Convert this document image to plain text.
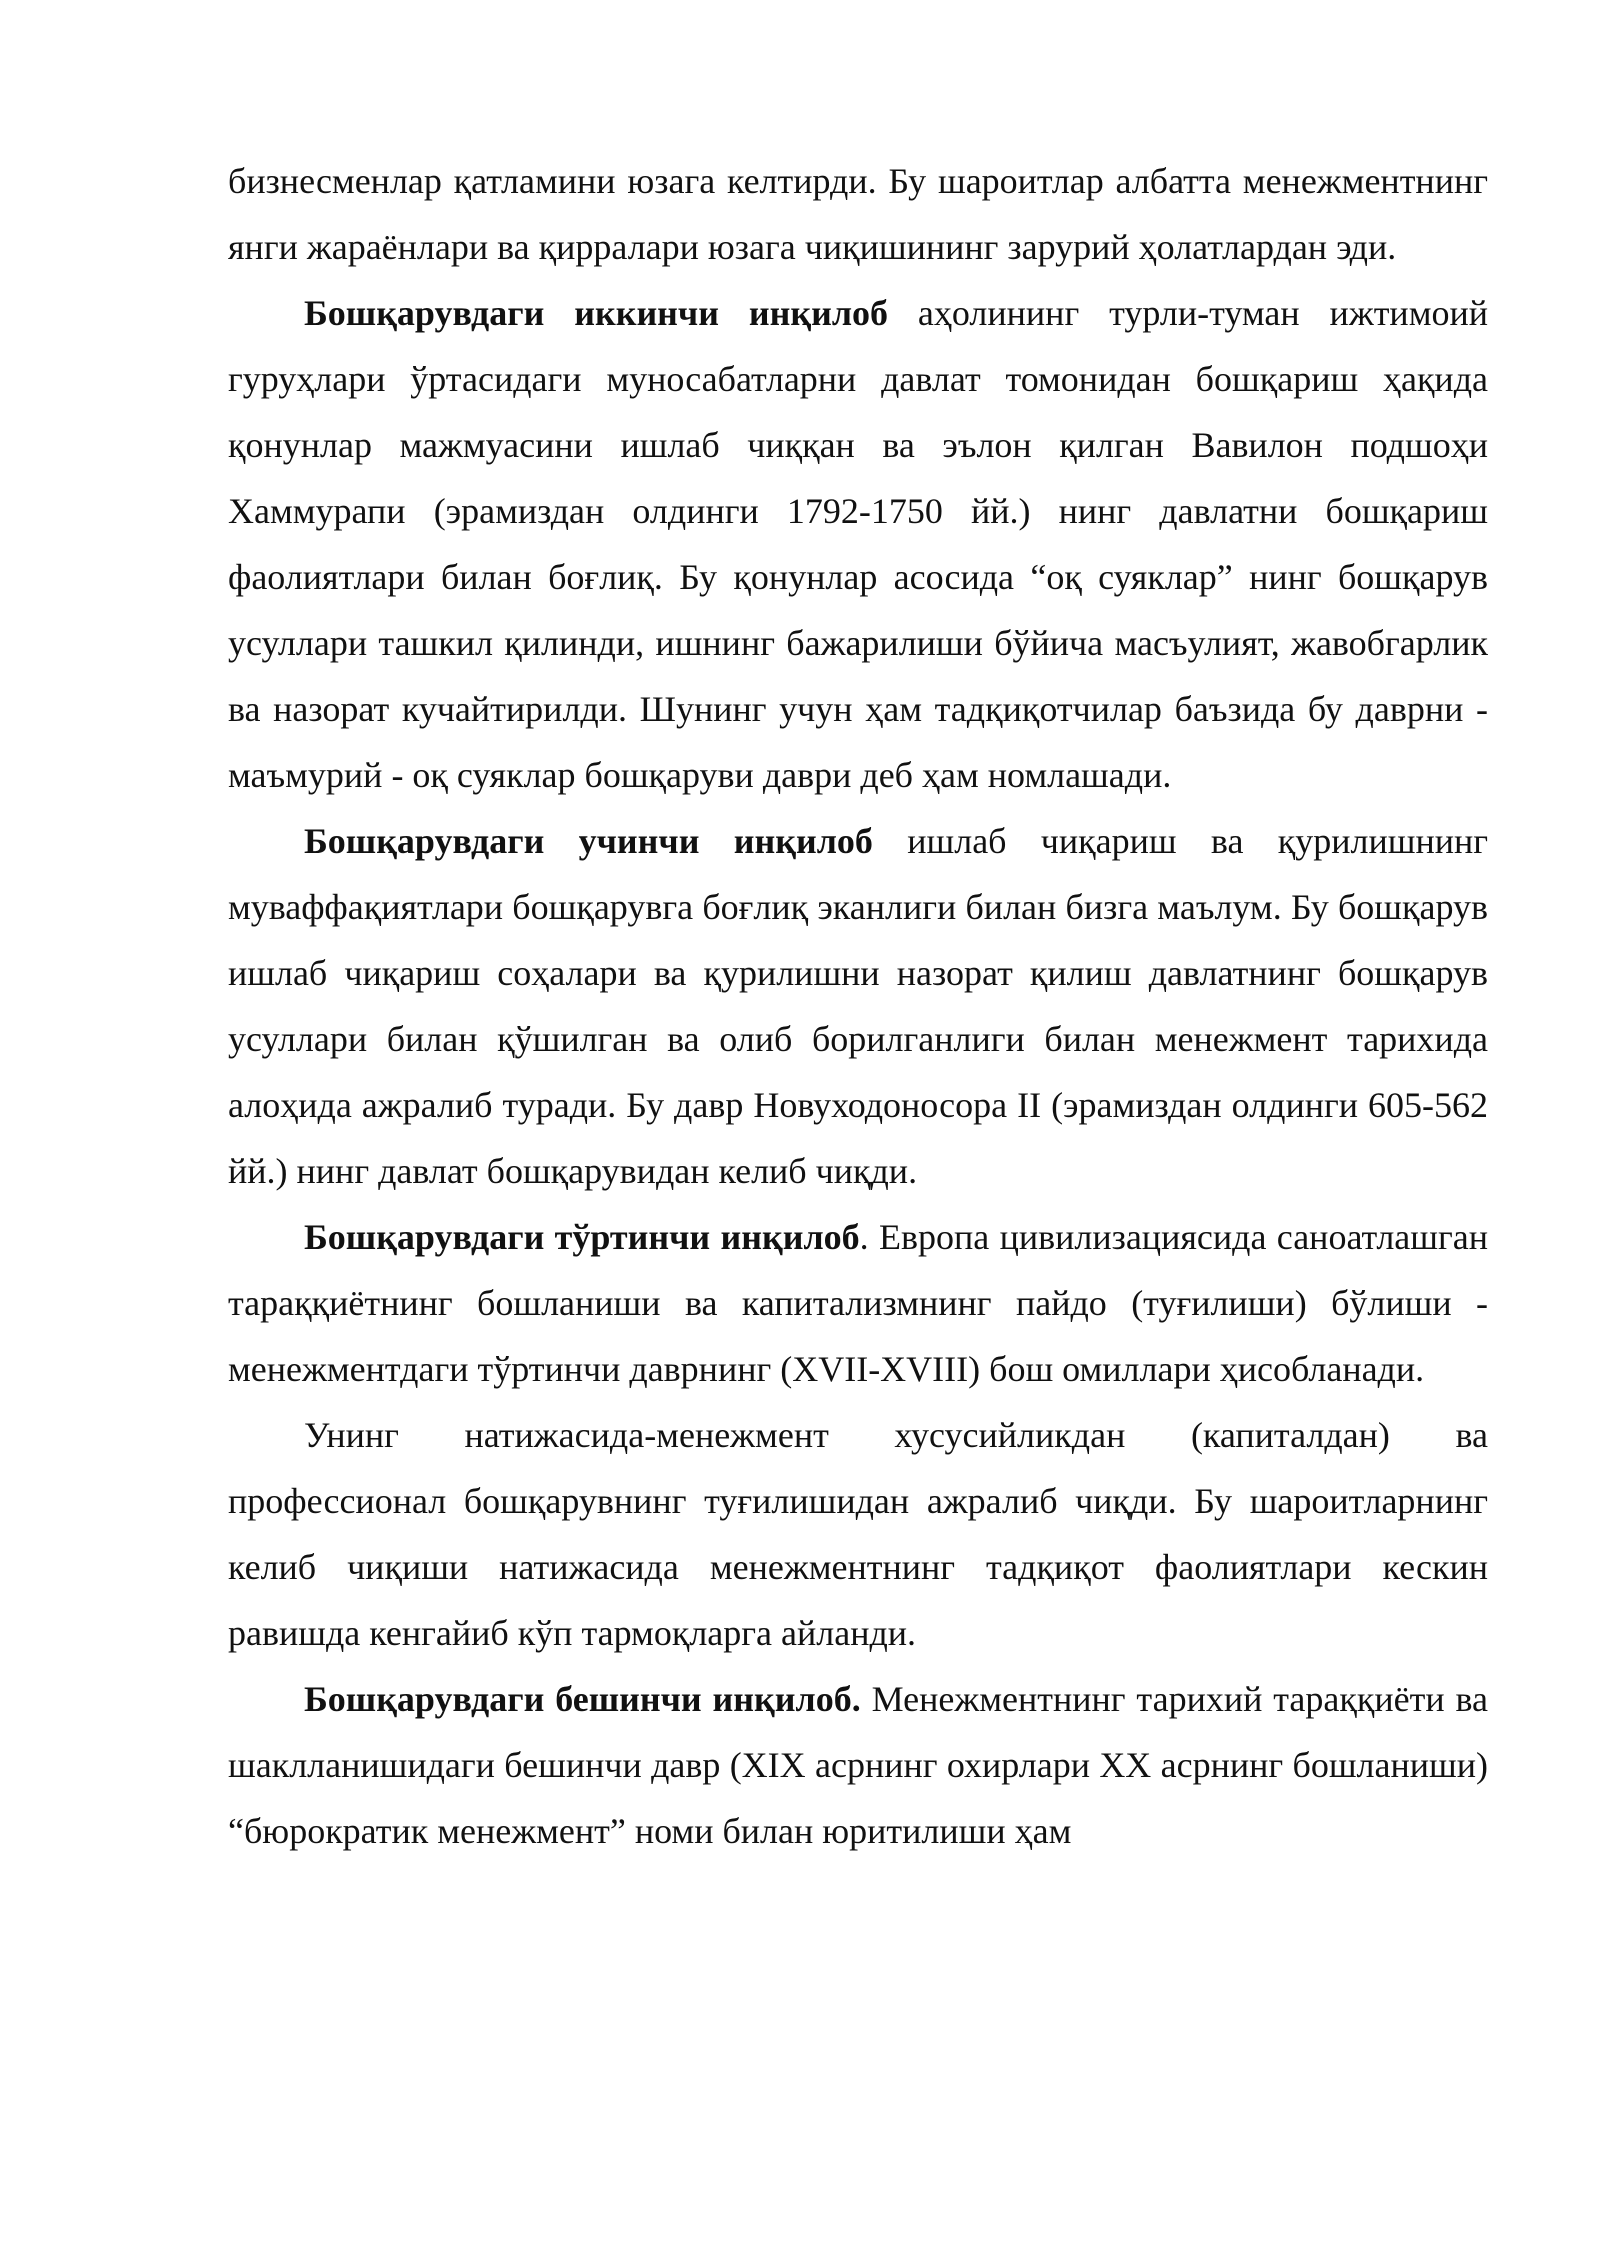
бизнесменлар қатламини юзага келтирди. Бу шароитлар албатта менежментнинг янги жараёнлари ва қирралари юзага чиқишининг зарурий ҳолатлардан эди.

Бошқарувдаги иккинчи инқилоб аҳолининг турли-туман ижтимоий гуруҳлари ўртасидаги муносабатларни давлат томонидан бошқариш ҳақида қонунлар мажмуасини ишлаб чиққан ва эълон қилган Вавилон подшоҳи Хаммурапи (эрамиздан олдинги 1792-1750 йй.) нинг давлатни бошқариш фаолиятлари билан боғлиқ. Бу қонунлар асосида “оқ суяклар” нинг бошқарув усуллари ташкил қилинди, ишнинг бажарилиши бўйича масъулият, жавобгарлик ва назорат кучайтирилди. Шунинг учун ҳам тадқиқотчилар баъзида бу даврни - маъмурий - оқ суяклар бошқаруви даври деб ҳам номлашади.

Бошқарувдаги учинчи инқилоб ишлаб чиқариш ва қурилишнинг муваффақиятлари бошқарувга боғлиқ эканлиги билан бизга маълум. Бу бошқарув ишлаб чиқариш соҳалари ва қурилишни назорат қилиш давлатнинг бошқарув усуллари билан қўшилган ва олиб борилганлиги билан менежмент тарихида алоҳида ажралиб туради. Бу давр Новуходоносора II (эрамиздан олдинги 605-562 йй.) нинг давлат бошқарувидан келиб чиқди.

Бошқарувдаги тўртинчи инқилоб. Европа цивилизациясида саноатлашган тараққиётнинг бошланиши ва капитализмнинг пайдо (туғилиши) бўлиши - менежментдаги тўртинчи даврнинг (XVII-XVIII) бош омиллари ҳисобланади.

Унинг натижасида-менежмент хусусийликдан (капиталдан) ва профессионал бошқарувнинг туғилишидан ажралиб чиқди. Бу шароитларнинг келиб чиқиши натижасида менежментнинг тадқиқот фаолиятлари кескин равишда кенгайиб кўп тармоқларга айланди.

Бошқарувдаги бешинчи инқилоб. Менежментнинг тарихий тараққиёти ва шаклланишидаги бешинчи давр (XIX асрнинг охирлари XX асрнинг бошланиши) “бюрократик менежмент” номи билан юритилиши ҳам
